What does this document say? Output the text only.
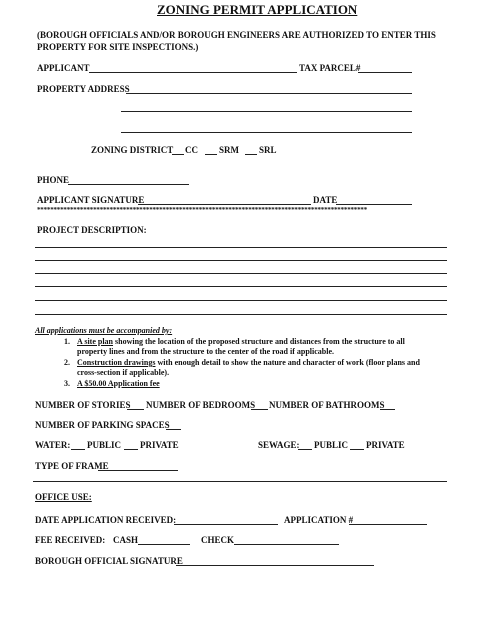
ZONING PERMIT APPLICATION
(BOROUGH OFFICIALS AND/OR BOROUGH ENGINEERS ARE AUTHORIZED TO ENTER THIS
PROPERTY FOR SITE INSPECTIONS.)
APPLICANT	TAX PARCEL#
PROPERTY ADDRESS
ZONING DISTRICT CC SRM SRL
PHONE
APPLICANT SIGNATURE	DATE
****************************************************************************************************
PROJECT DESCRIPTION:
All applications must be accompanied by:
1. A site plan showing the location of the proposed structure and distances from the structure to all
property lines and from the structure to the center of the road if applicable.
2. Construction drawings with enough detail to show the nature and character of work (floor plans and
cross-section if applicable).
3. A $50.00 Application fee
NUMBER OF STORIES NUMBER OF BEDROOMS NUMBER OF BATHROOMS
NUMBER OF PARKING SPACES
WATER: PUBLIC PRIVATE	SEWAGE: PUBLIC PRIVATE
TYPE OF FRAME
OFFICE USE:
DATE APPLICATION RECEIVED:	APPLICATION #
FEE RECEIVED: CASH	CHECK
BOROUGH OFFICIAL SIGNATURE
